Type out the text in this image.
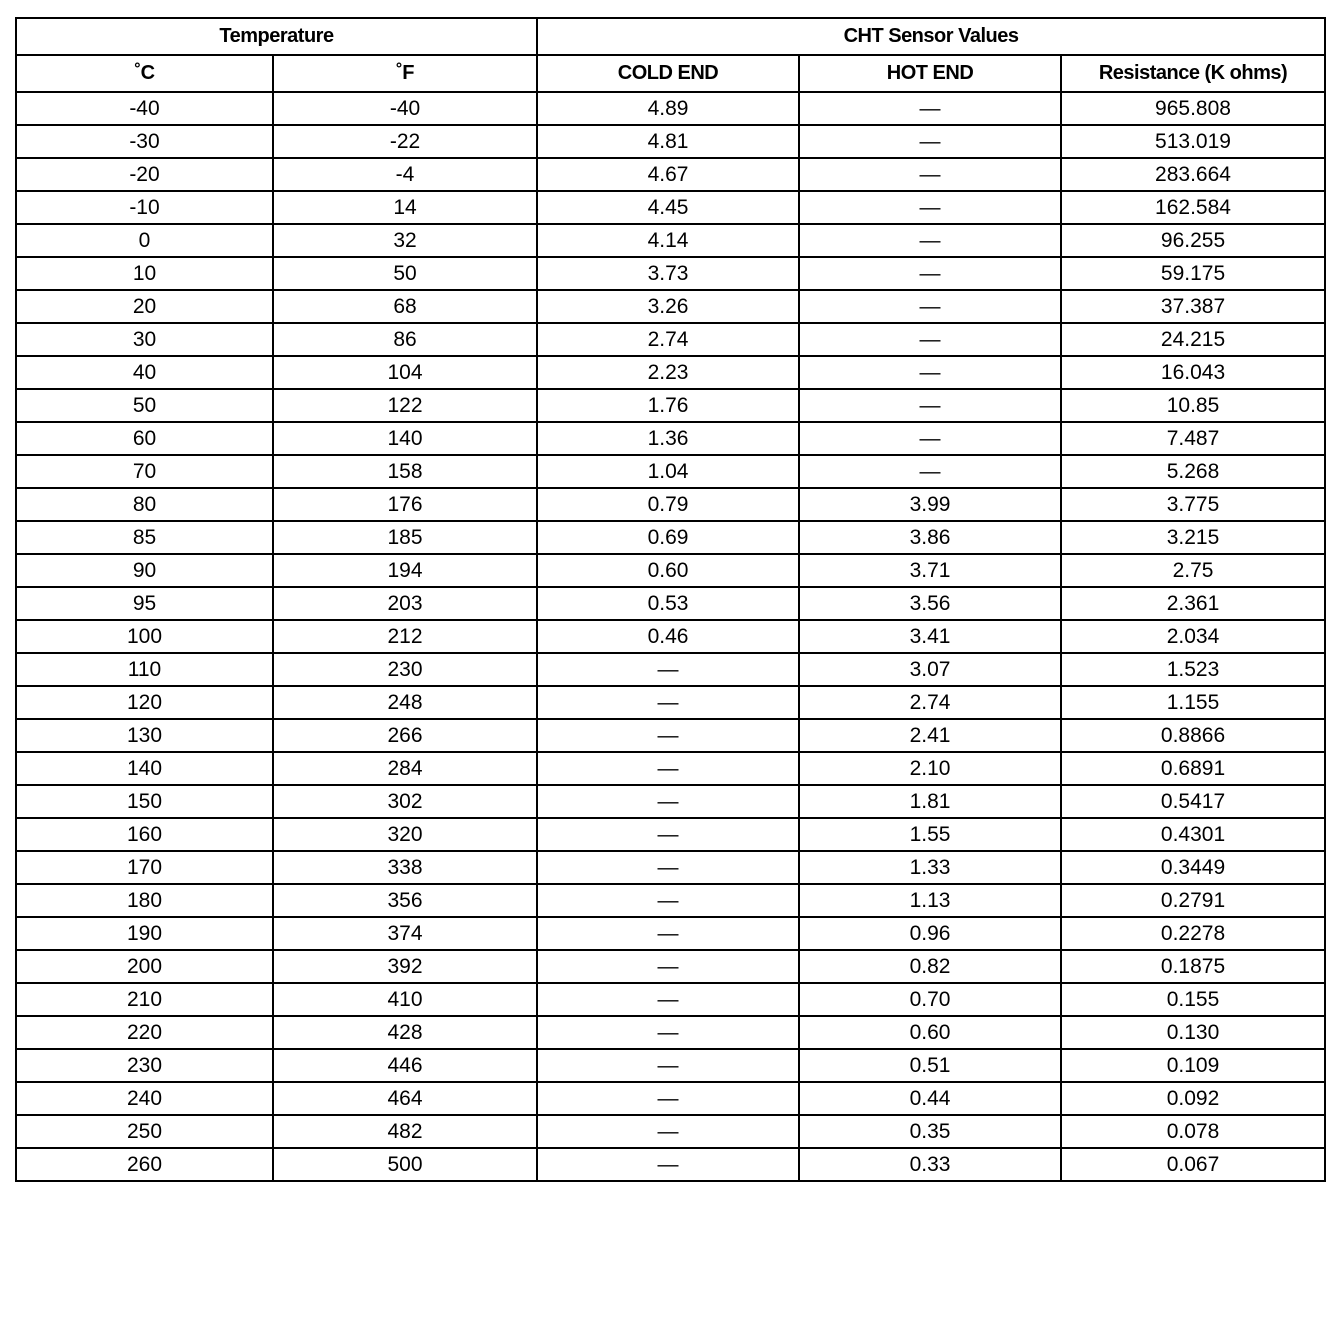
Temperature		CHT Sensor Values		
˚C	˚F	COLD END	HOT END	Resistance (K ohms)
-40	-40	4.89	—	965.808
-30	-22	4.81	—	513.019
-20	-4	4.67	—	283.664
-10	14	4.45	—	162.584
0	32	4.14	—	96.255
10	50	3.73	—	59.175
20	68	3.26	—	37.387
30	86	2.74	—	24.215
40	104	2.23	—	16.043
50	122	1.76	—	10.85
60	140	1.36	—	7.487
70	158	1.04	—	5.268
80	176	0.79	3.99	3.775
85	185	0.69	3.86	3.215
90	194	0.60	3.71	2.75
95	203	0.53	3.56	2.361
100	212	0.46	3.41	2.034
110	230	—	3.07	1.523
120	248	—	2.74	1.155
130	266	—	2.41	0.8866
140	284	—	2.10	0.6891
150	302	—	1.81	0.5417
160	320	—	1.55	0.4301
170	338	—	1.33	0.3449
180	356	—	1.13	0.2791
190	374	—	0.96	0.2278
200	392	—	0.82	0.1875
210	410	—	0.70	0.155
220	428	—	0.60	0.130
230	446	—	0.51	0.109
240	464	—	0.44	0.092
250	482	—	0.35	0.078
260	500	—	0.33	0.067
